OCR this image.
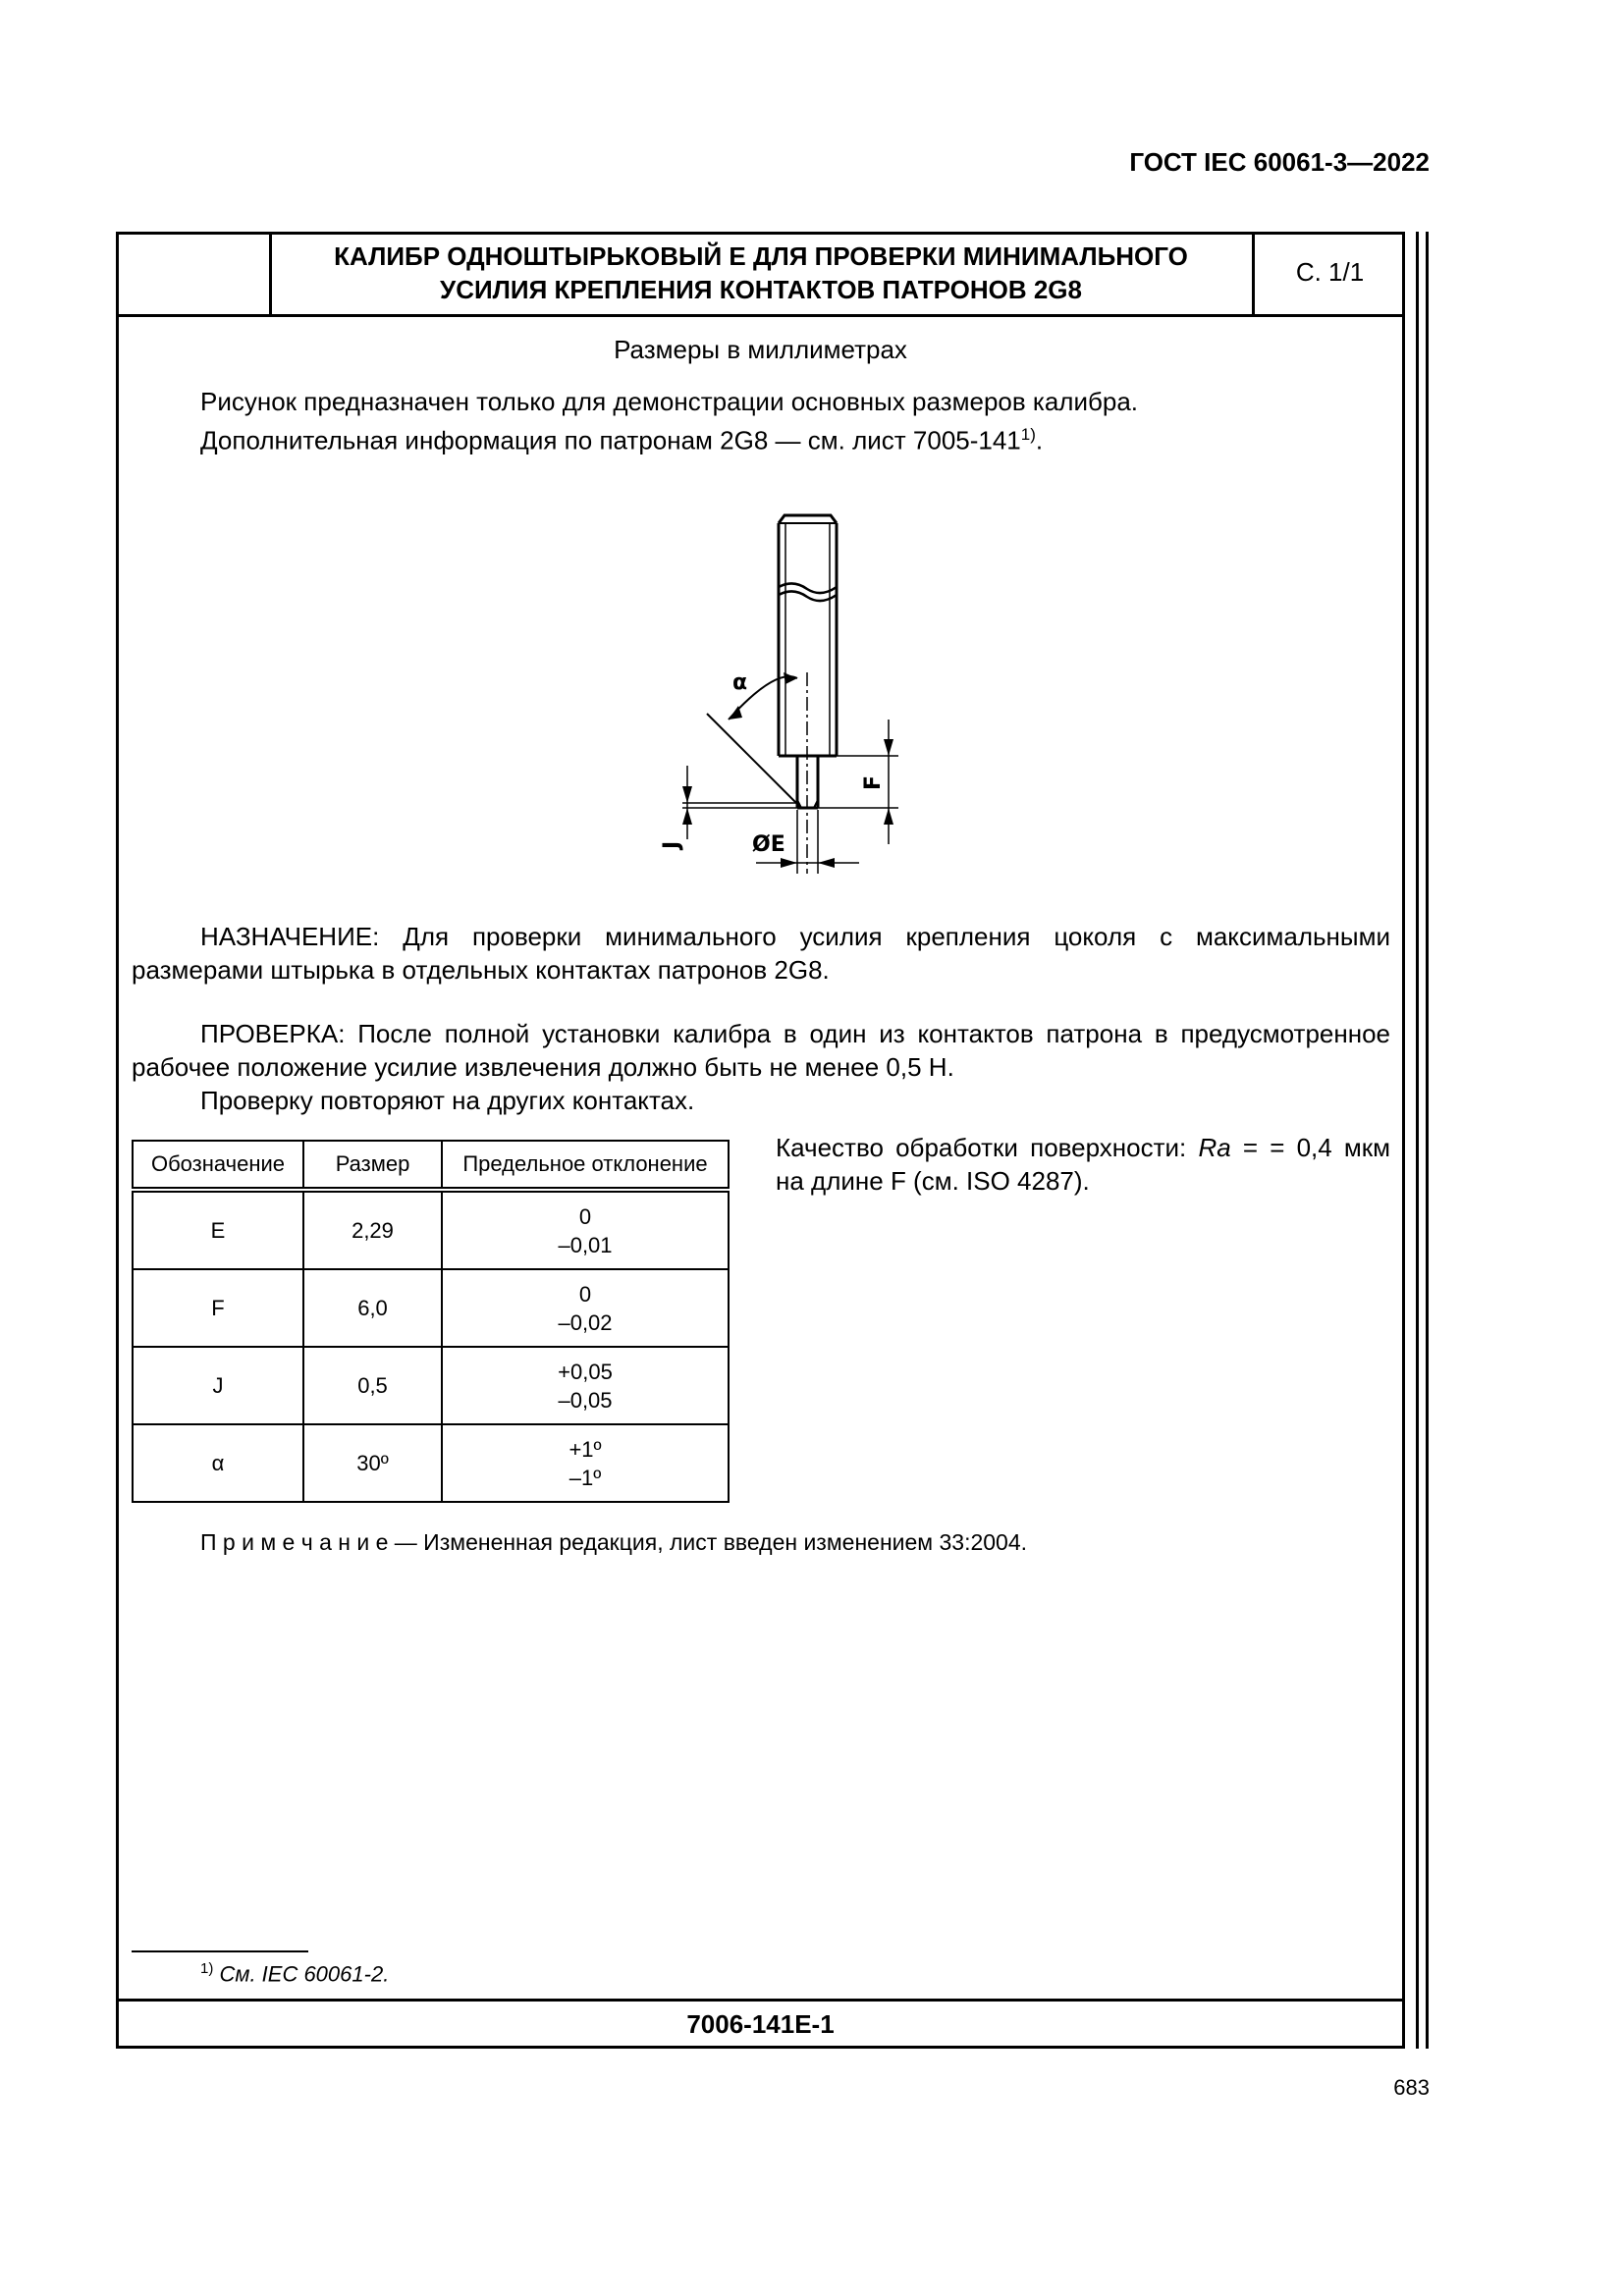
ГОСТ IEC 60061-3—2022
КАЛИБР ОДНОШТЫРЬКОВЫЙ Е ДЛЯ ПРОВЕРКИ МИНИМАЛЬНОГО
УСИЛИЯ КРЕПЛЕНИЯ КОНТАКТОВ ПАТРОНОВ 2G8
С. 1/1
Размеры в миллиметрах
Рисунок предназначен только для демонстрации основных размеров калибра.
Дополнительная информация по патронам 2G8 — см. лист 7005-141$^{1)}$.
α
F
J	ØE
НАЗНАЧЕНИЕ: Для проверки минимального усилия крепления цоколя с максимальными размерами штырька в отдельных контактах патронов 2G8.
ПРОВЕРКА: После полной установки калибра в один из контактов патрона в предусмотренное рабочее положение усилие извлечения должно быть не менее 0,5 Н.
Проверку повторяют на других контактах.
Обозначение	Размер	Предельное отклонение
E	2,29	0
–0,01

F	6,0	0
–0,02

J	0,5	+0,05
–0,05

α	30º	+1º
–1º
Качество обработки поверхности: Ra = = 0,4 мкм на длине F (см. ISO 4287).
П р и м е ч а н и е — Измененная редакция, лист введен изменением 33:2004.
$^{1)}$ См. IEC 60061-2.
7006-141E-1
683
